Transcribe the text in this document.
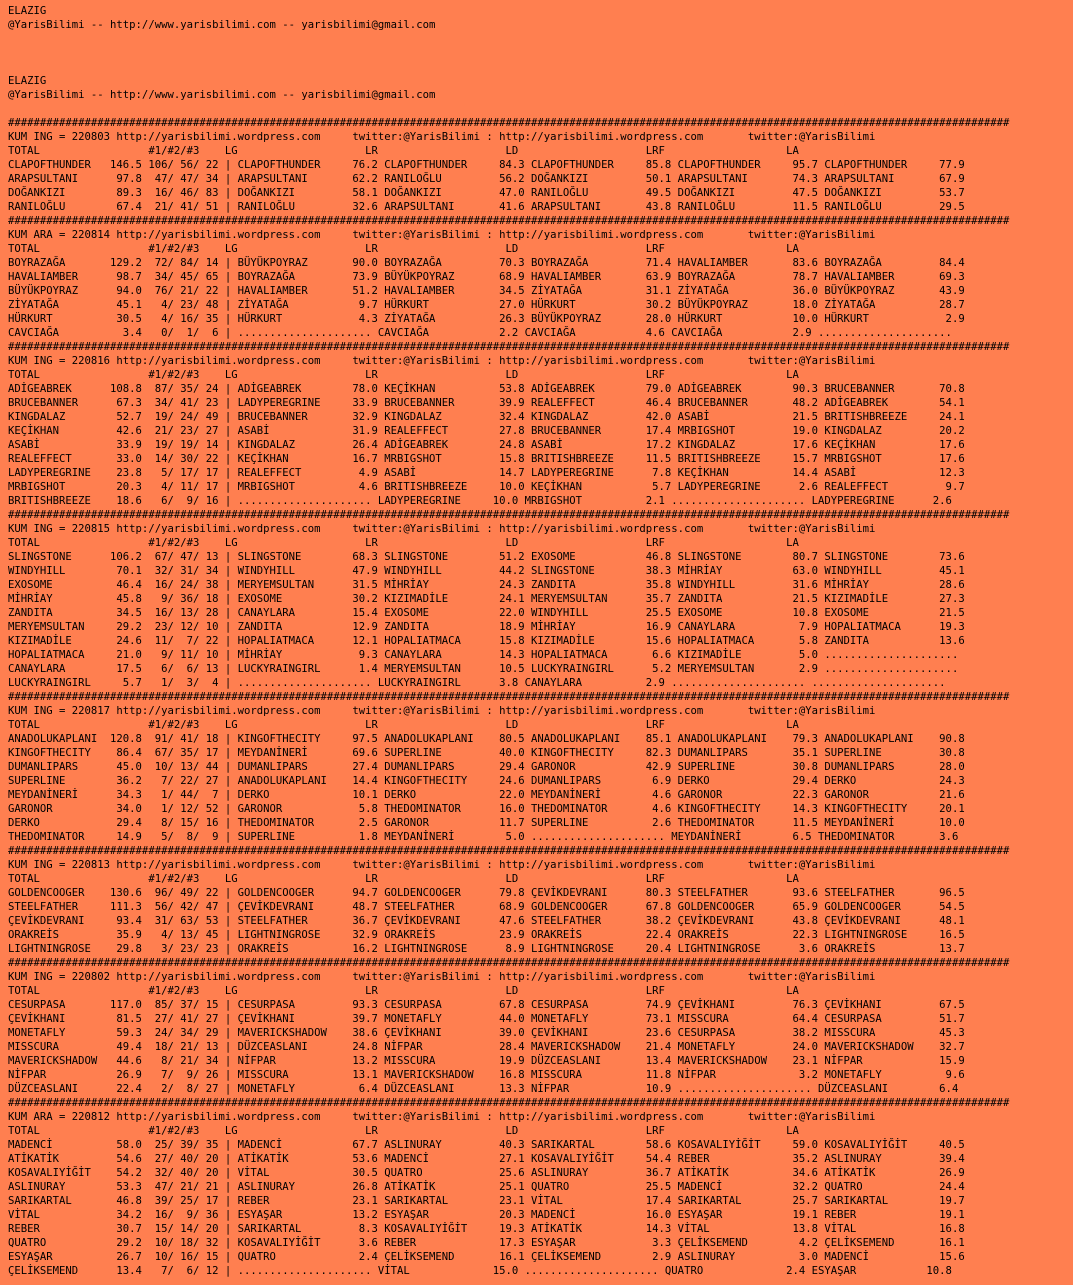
ELAZIG
@YarisBilimi -- http://www.yarisbilimi.com -- yarisbilimi@gmail.com

ELAZIG
@YarisBilimi -- http://www.yarisbilimi.com -- yarisbilimi@gmail.com

#############################################################################################################################################################
KUM ING = 220803 http://yarisbilimi.wordpress.com     twitter:@YarisBilimi : http://yarisbilimi.wordpress.com       twitter:@YarisBilimi
TOTAL                 #1/#2/#3    LG                    LR                    LD                    LRF                   LA
CLAPOFTHUNDER   146.5 106/ 56/ 22 | CLAPOFTHUNDER     76.2 CLAPOFTHUNDER     84.3 CLAPOFTHUNDER     85.8 CLAPOFTHUNDER     95.7 CLAPOFTHUNDER     77.9
ARAPSULTANI      97.8  47/ 47/ 34 | ARAPSULTANI       62.2 RANILOĞLU         56.2 DOĞANKIZI         50.1 ARAPSULTANI       74.3 ARAPSULTANI       67.9
DOĞANKIZI        89.3  16/ 46/ 83 | DOĞANKIZI         58.1 DOĞANKIZI         47.0 RANILOĞLU         49.5 DOĞANKIZI         47.5 DOĞANKIZI         53.7
RANILOĞLU        67.4  21/ 41/ 51 | RANILOĞLU         32.6 ARAPSULTANI       41.6 ARAPSULTANI       43.8 RANILOĞLU         11.5 RANILOĞLU         29.5
#############################################################################################################################################################
KUM ARA = 220814 http://yarisbilimi.wordpress.com     twitter:@YarisBilimi : http://yarisbilimi.wordpress.com       twitter:@YarisBilimi
TOTAL                 #1/#2/#3    LG                    LR                    LD                    LRF                   LA
BOYRAZAĞA       129.2  72/ 84/ 14 | BÜYÜKPOYRAZ       90.0 BOYRAZAĞA         70.3 BOYRAZAĞA         71.4 HAVALIAMBER       83.6 BOYRAZAĞA         84.4
HAVALIAMBER      98.7  34/ 45/ 65 | BOYRAZAĞA         73.9 BÜYÜKPOYRAZ       68.9 HAVALIAMBER       63.9 BOYRAZAĞA         78.7 HAVALIAMBER       69.3
BÜYÜKPOYRAZ      94.0  76/ 21/ 22 | HAVALIAMBER       51.2 HAVALIAMBER       34.5 ZİYATAĞA          31.1 ZİYATAĞA          36.0 BÜYÜKPOYRAZ       43.9
ZİYATAĞA         45.1   4/ 23/ 48 | ZİYATAĞA           9.7 HÜRKURT           27.0 HÜRKURT           30.2 BÜYÜKPOYRAZ       18.0 ZİYATAĞA          28.7
HÜRKURT          30.5   4/ 16/ 35 | HÜRKURT            4.3 ZİYATAĞA          26.3 BÜYÜKPOYRAZ       28.0 HÜRKURT           10.0 HÜRKURT            2.9
CAVCIAĞA          3.4   0/  1/  6 | ..................... CAVCIAĞA           2.2 CAVCIAĞA           4.6 CAVCIAĞA           2.9 .....................
#############################################################################################################################################################
KUM ING = 220816 http://yarisbilimi.wordpress.com     twitter:@YarisBilimi : http://yarisbilimi.wordpress.com       twitter:@YarisBilimi
TOTAL                 #1/#2/#3    LG                    LR                    LD                    LRF                   LA
ADİGEABREK      108.8  87/ 35/ 24 | ADİGEABREK        78.0 KEÇİKHAN          53.8 ADİGEABREK        79.0 ADİGEABREK        90.3 BRUCEBANNER       70.8
BRUCEBANNER      67.3  34/ 41/ 23 | LADYPEREGRINE     33.9 BRUCEBANNER       39.9 REALEFFECT        46.4 BRUCEBANNER       48.2 ADİGEABREK        54.1
KINGDALAZ        52.7  19/ 24/ 49 | BRUCEBANNER       32.9 KINGDALAZ         32.4 KINGDALAZ         42.0 ASABİ             21.5 BRITISHBREEZE     24.1
KEÇİKHAN         42.6  21/ 23/ 27 | ASABİ             31.9 REALEFFECT        27.8 BRUCEBANNER       17.4 MRBIGSHOT         19.0 KINGDALAZ         20.2
ASABİ            33.9  19/ 19/ 14 | KINGDALAZ         26.4 ADİGEABREK        24.8 ASABİ             17.2 KINGDALAZ         17.6 KEÇİKHAN          17.6
REALEFFECT       33.0  14/ 30/ 22 | KEÇİKHAN          16.7 MRBIGSHOT         15.8 BRITISHBREEZE     11.5 BRITISHBREEZE     15.7 MRBIGSHOT         17.6
LADYPEREGRINE    23.8   5/ 17/ 17 | REALEFFECT         4.9 ASABİ             14.7 LADYPEREGRINE      7.8 KEÇİKHAN          14.4 ASABİ             12.3
MRBIGSHOT        20.3   4/ 11/ 17 | MRBIGSHOT          4.6 BRITISHBREEZE     10.0 KEÇİKHAN           5.7 LADYPEREGRINE      2.6 REALEFFECT         9.7
BRITISHBREEZE    18.6   6/  9/ 16 | ..................... LADYPEREGRINE     10.0 MRBIGSHOT          2.1 ..................... LADYPEREGRINE      2.6
#############################################################################################################################################################
KUM ING = 220815 http://yarisbilimi.wordpress.com     twitter:@YarisBilimi : http://yarisbilimi.wordpress.com       twitter:@YarisBilimi
TOTAL                 #1/#2/#3    LG                    LR                    LD                    LRF                   LA
SLINGSTONE      106.2  67/ 47/ 13 | SLINGSTONE        68.3 SLINGSTONE        51.2 EXOSOME           46.8 SLINGSTONE        80.7 SLINGSTONE        73.6
WINDYHILL        70.1  32/ 31/ 34 | WINDYHILL         47.9 WINDYHILL         44.2 SLINGSTONE        38.3 MİHRİAY           63.0 WINDYHILL         45.1
EXOSOME          46.4  16/ 24/ 38 | MERYEMSULTAN      31.5 MİHRİAY           24.3 ZANDITA           35.8 WINDYHILL         31.6 MİHRİAY           28.6
MİHRİAY          45.8   9/ 36/ 18 | EXOSOME           30.2 KIZIMADİLE        24.1 MERYEMSULTAN      35.7 ZANDITA           21.5 KIZIMADİLE        27.3
ZANDITA          34.5  16/ 13/ 28 | CANAYLARA         15.4 EXOSOME           22.0 WINDYHILL         25.5 EXOSOME           10.8 EXOSOME           21.5
MERYEMSULTAN     29.2  23/ 12/ 10 | ZANDITA           12.9 ZANDITA           18.9 MİHRİAY           16.9 CANAYLARA          7.9 HOPALIATMACA      19.3
KIZIMADİLE       24.6  11/  7/ 22 | HOPALIATMACA      12.1 HOPALIATMACA      15.8 KIZIMADİLE        15.6 HOPALIATMACA       5.8 ZANDITA           13.6
HOPALIATMACA     21.0   9/ 11/ 10 | MİHRİAY            9.3 CANAYLARA         14.3 HOPALIATMACA       6.6 KIZIMADİLE         5.0 .....................
CANAYLARA        17.5   6/  6/ 13 | LUCKYRAINGIRL      1.4 MERYEMSULTAN      10.5 LUCKYRAINGIRL      5.2 MERYEMSULTAN       2.9 .....................
LUCKYRAINGIRL     5.7   1/  3/  4 | ..................... LUCKYRAINGIRL      3.8 CANAYLARA          2.9 ..................... .....................
#############################################################################################################################################################
KUM ING = 220817 http://yarisbilimi.wordpress.com     twitter:@YarisBilimi : http://yarisbilimi.wordpress.com       twitter:@YarisBilimi
TOTAL                 #1/#2/#3    LG                    LR                    LD                    LRF                   LA
ANADOLUKAPLANI  120.8  91/ 41/ 18 | KINGOFTHECITY     97.5 ANADOLUKAPLANI    80.5 ANADOLUKAPLANI    85.1 ANADOLUKAPLANI    79.3 ANADOLUKAPLANI    90.8
KINGOFTHECITY    86.4  67/ 35/ 17 | MEYDANİNERİ       69.6 SUPERLINE         40.0 KINGOFTHECITY     82.3 DUMANLIPARS       35.1 SUPERLINE         30.8
DUMANLIPARS      45.0  10/ 13/ 44 | DUMANLIPARS       27.4 DUMANLIPARS       29.4 GARONOR           42.9 SUPERLINE         30.8 DUMANLIPARS       28.0
SUPERLINE        36.2   7/ 22/ 27 | ANADOLUKAPLANI    14.4 KINGOFTHECITY     24.6 DUMANLIPARS        6.9 DERKO             29.4 DERKO             24.3
MEYDANİNERİ      34.3   1/ 44/  7 | DERKO             10.1 DERKO             22.0 MEYDANİNERİ        4.6 GARONOR           22.3 GARONOR           21.6
GARONOR          34.0   1/ 12/ 52 | GARONOR            5.8 THEDOMINATOR      16.0 THEDOMINATOR       4.6 KINGOFTHECITY     14.3 KINGOFTHECITY     20.1
DERKO            29.4   8/ 15/ 16 | THEDOMINATOR       2.5 GARONOR           11.7 SUPERLINE          2.6 THEDOMINATOR      11.5 MEYDANİNERİ       10.0
THEDOMINATOR     14.9   5/  8/  9 | SUPERLINE          1.8 MEYDANİNERİ        5.0 ..................... MEYDANİNERİ        6.5 THEDOMINATOR       3.6
#############################################################################################################################################################
KUM ING = 220813 http://yarisbilimi.wordpress.com     twitter:@YarisBilimi : http://yarisbilimi.wordpress.com       twitter:@YarisBilimi
TOTAL                 #1/#2/#3    LG                    LR                    LD                    LRF                   LA
GOLDENCOOGER    130.6  96/ 49/ 22 | GOLDENCOOGER      94.7 GOLDENCOOGER      79.8 ÇEVİKDEVRANI      80.3 STEELFATHER       93.6 STEELFATHER       96.5
STEELFATHER     111.3  56/ 42/ 47 | ÇEVİKDEVRANI      48.7 STEELFATHER       68.9 GOLDENCOOGER      67.8 GOLDENCOOGER      65.9 GOLDENCOOGER      54.5
ÇEVİKDEVRANI     93.4  31/ 63/ 53 | STEELFATHER       36.7 ÇEVİKDEVRANI      47.6 STEELFATHER       38.2 ÇEVİKDEVRANI      43.8 ÇEVİKDEVRANI      48.1
ORAKREİS         35.9   4/ 13/ 45 | LIGHTNINGROSE     32.9 ORAKREİS          23.9 ORAKREİS          22.4 ORAKREİS          22.3 LIGHTNINGROSE     16.5
LIGHTNINGROSE    29.8   3/ 23/ 23 | ORAKREİS          16.2 LIGHTNINGROSE      8.9 LIGHTNINGROSE     20.4 LIGHTNINGROSE      3.6 ORAKREİS          13.7
#############################################################################################################################################################
KUM ING = 220802 http://yarisbilimi.wordpress.com     twitter:@YarisBilimi : http://yarisbilimi.wordpress.com       twitter:@YarisBilimi
TOTAL                 #1/#2/#3    LG                    LR                    LD                    LRF                   LA
CESURPASA       117.0  85/ 37/ 15 | CESURPASA         93.3 CESURPASA         67.8 CESURPASA         74.9 ÇEVİKHANI         76.3 ÇEVİKHANI         67.5
ÇEVİKHANI        81.5  27/ 41/ 27 | ÇEVİKHANI         39.7 MONETAFLY         44.0 MONETAFLY         73.1 MISSCURA          64.4 CESURPASA         51.7
MONETAFLY        59.3  24/ 34/ 29 | MAVERICKSHADOW    38.6 ÇEVİKHANI         39.0 ÇEVİKHANI         23.6 CESURPASA         38.2 MISSCURA          45.3
MISSCURA         49.4  18/ 21/ 13 | DÜZCEASLANI       24.8 NİFPAR            28.4 MAVERICKSHADOW    21.4 MONETAFLY         24.0 MAVERICKSHADOW    32.7
MAVERICKSHADOW   44.6   8/ 21/ 34 | NİFPAR            13.2 MISSCURA          19.9 DÜZCEASLANI       13.4 MAVERICKSHADOW    23.1 NİFPAR            15.9
NİFPAR           26.9   7/  9/ 26 | MISSCURA          13.1 MAVERICKSHADOW    16.8 MISSCURA          11.8 NİFPAR             3.2 MONETAFLY          9.6
DÜZCEASLANI      22.4   2/  8/ 27 | MONETAFLY          6.4 DÜZCEASLANI       13.3 NİFPAR            10.9 ..................... DÜZCEASLANI        6.4
#############################################################################################################################################################
KUM ARA = 220812 http://yarisbilimi.wordpress.com     twitter:@YarisBilimi : http://yarisbilimi.wordpress.com       twitter:@YarisBilimi
TOTAL                 #1/#2/#3    LG                    LR                    LD                    LRF                   LA
MADENCİ          58.0  25/ 39/ 35 | MADENCİ           67.7 ASLINURAY         40.3 SARIKARTAL        58.6 KOSAVALIYİĞİT     59.0 KOSAVALIYİĞİT     40.5
ATİKATİK         54.6  27/ 40/ 20 | ATİKATİK          53.6 MADENCİ           27.1 KOSAVALIYİĞİT     54.4 REBER             35.2 ASLINURAY         39.4
KOSAVALIYİĞİT    54.2  32/ 40/ 20 | VİTAL             30.5 QUATRO            25.6 ASLINURAY         36.7 ATİKATİK          34.6 ATİKATİK          26.9
ASLINURAY        53.3  47/ 21/ 21 | ASLINURAY         26.8 ATİKATİK          25.1 QUATRO            25.5 MADENCİ           32.2 QUATRO            24.4
SARIKARTAL       46.8  39/ 25/ 17 | REBER             23.1 SARIKARTAL        23.1 VİTAL             17.4 SARIKARTAL        25.7 SARIKARTAL        19.7
VİTAL            34.2  16/  9/ 36 | ESYAŞAR           13.2 ESYAŞAR           20.3 MADENCİ           16.0 ESYAŞAR           19.1 REBER             19.1
REBER            30.7  15/ 14/ 20 | SARIKARTAL         8.3 KOSAVALIYİĞİT     19.3 ATİKATİK          14.3 VİTAL             13.8 VİTAL             16.8
QUATRO           29.2  10/ 18/ 32 | KOSAVALIYİĞİT      3.6 REBER             17.3 ESYAŞAR            3.3 ÇELİKSEMEND        4.2 ÇELİKSEMEND       16.1
ESYAŞAR          26.7  10/ 16/ 15 | QUATRO             2.4 ÇELİKSEMEND       16.1 ÇELİKSEMEND        2.9 ASLINURAY          3.0 MADENCİ           15.6
ÇELİKSEMEND      13.4   7/  6/ 12 | ..................... VİTAL             15.0 ..................... QUATRO             2.4 ESYAŞAR           10.8
